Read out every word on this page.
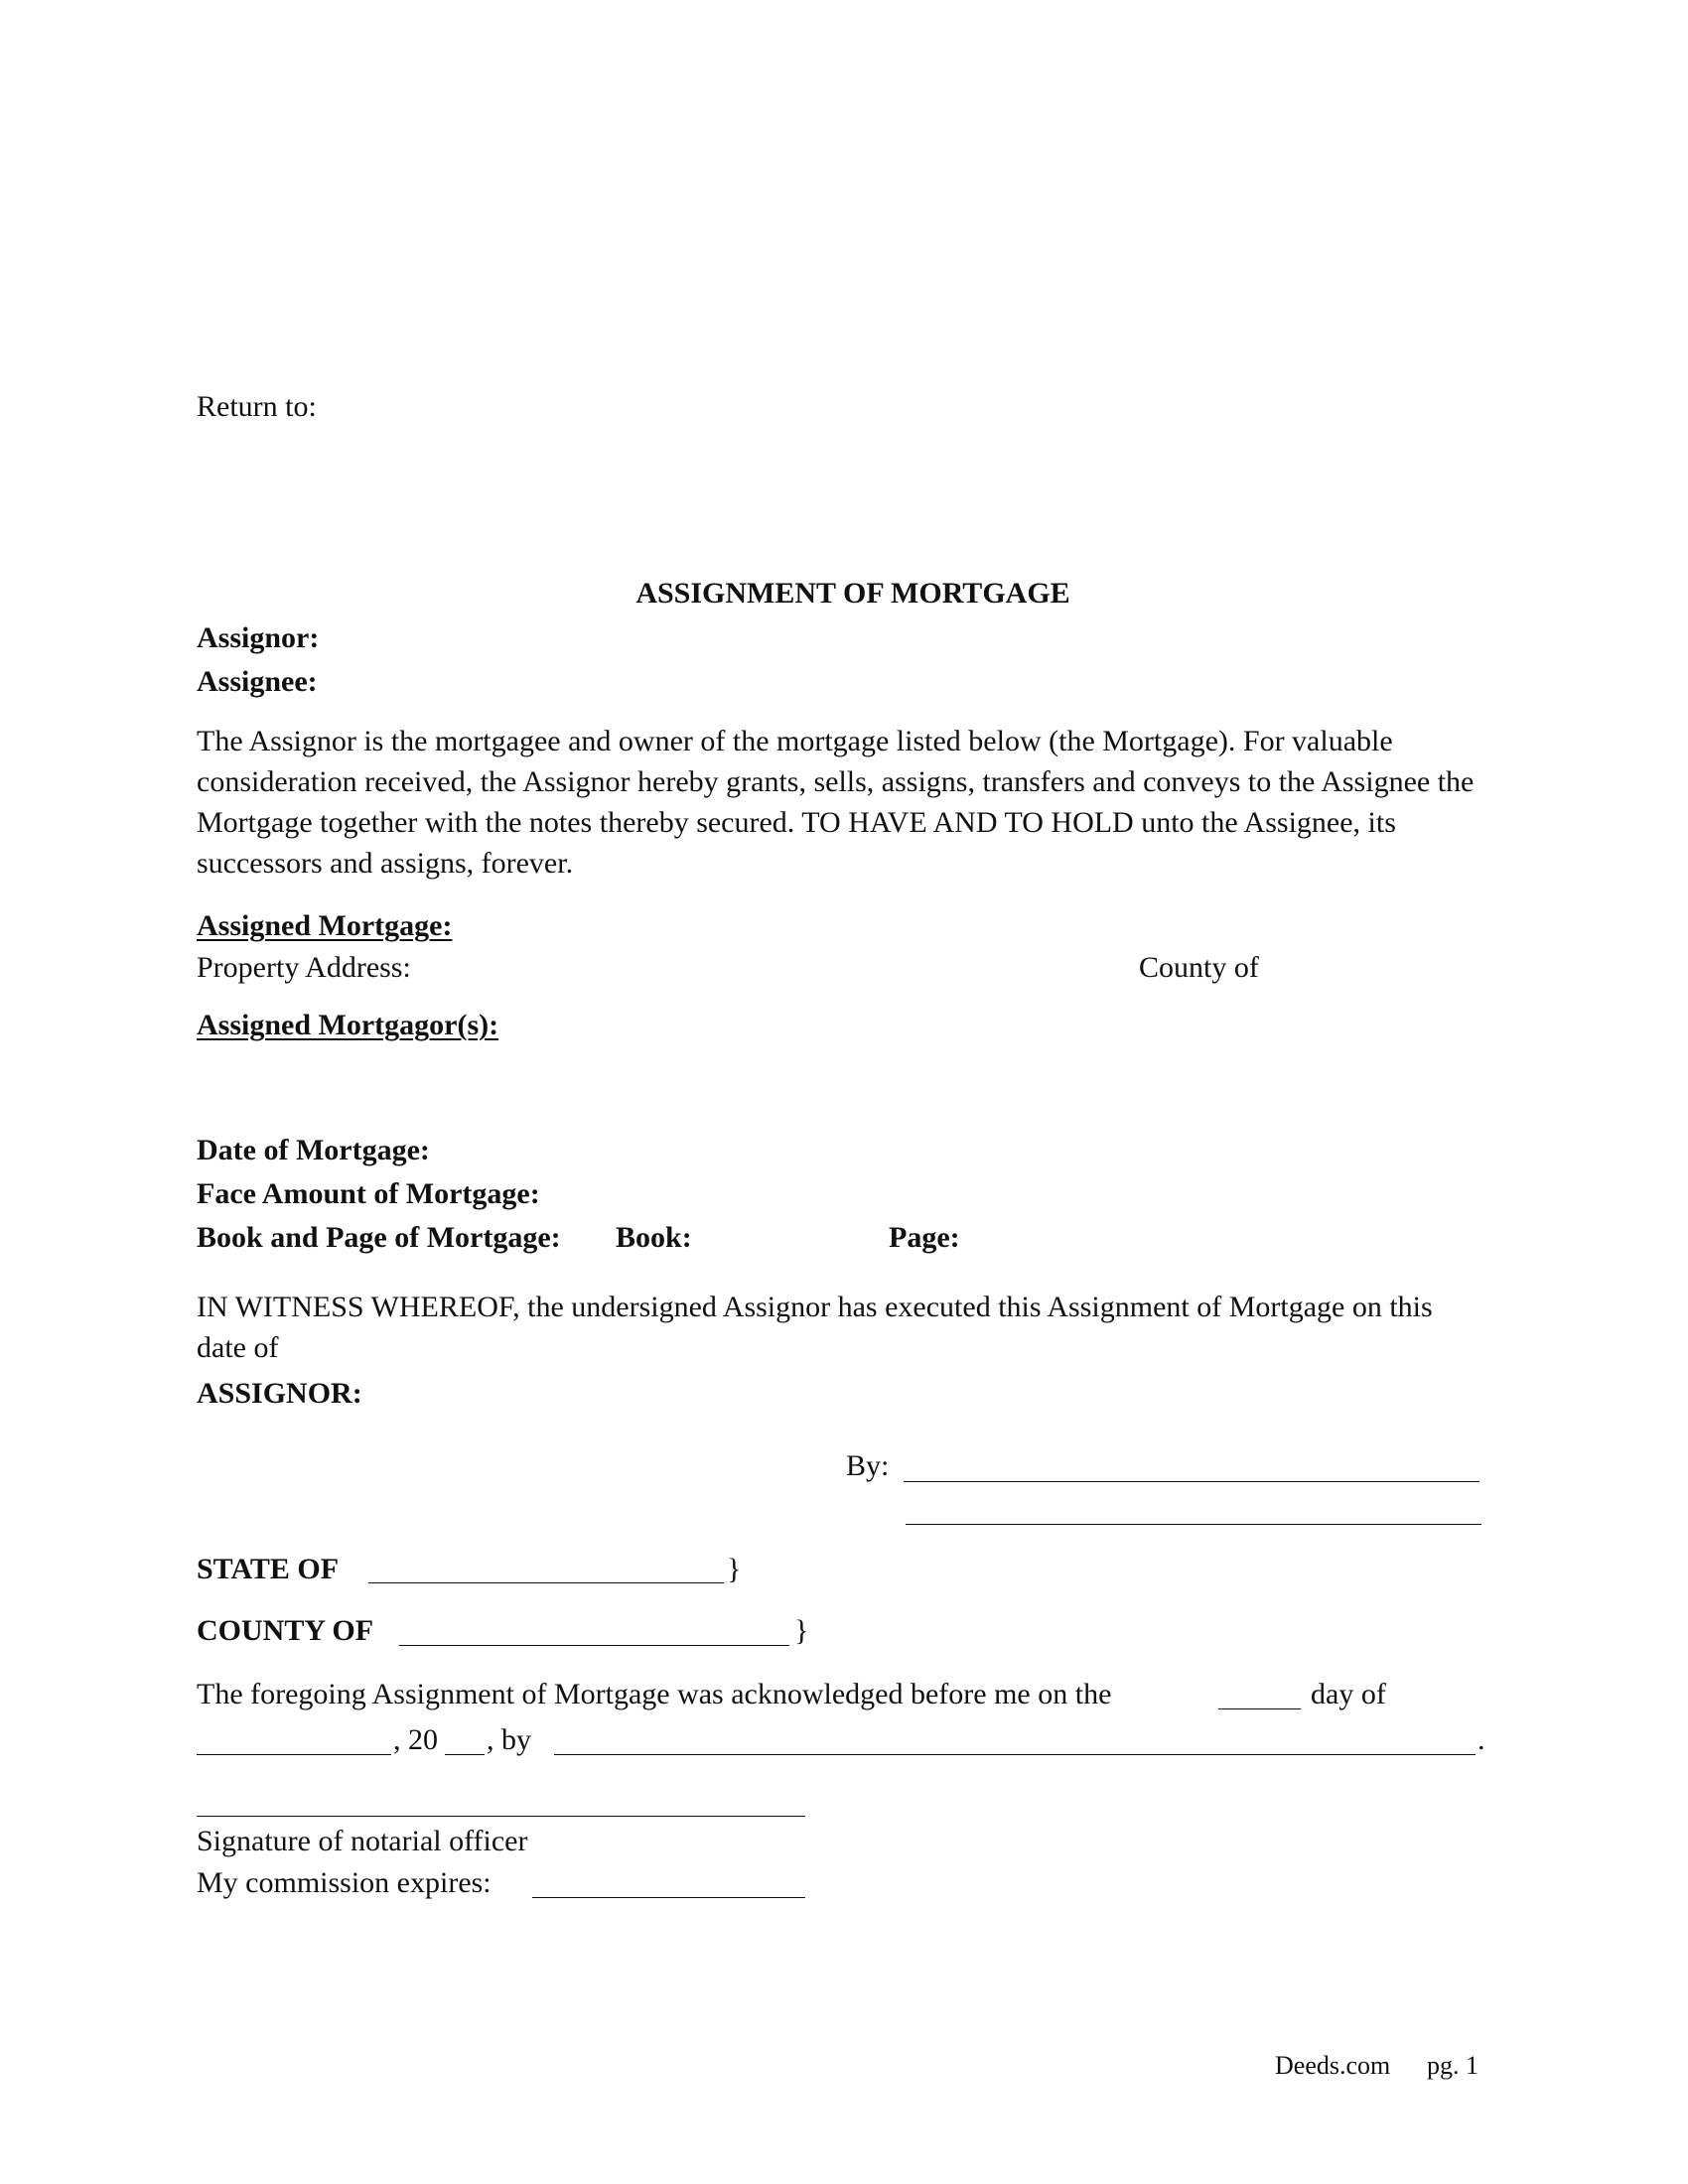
Return to:
ASSIGNMENT OF MORTGAGE
Assignor:
Assignee:
The Assignor is the mortgagee and owner of the mortgage listed below (the Mortgage). For valuable consideration received, the Assignor hereby grants, sells, assigns, transfers and conveys to the Assignee the Mortgage together with the notes thereby secured. TO HAVE AND TO HOLD unto the Assignee, its successors and assigns, forever.
Assigned Mortgage:
Property Address:	County of
Assigned Mortgagor(s):
Date of Mortgage:
Face Amount of Mortgage:
Book and Page of Mortgage: Book:	Page:
IN WITNESS WHEREOF, the undersigned Assignor has executed this Assignment of Mortgage on this date of
ASSIGNOR:
By:
STATE OF	}
COUNTY OF	}
The foregoing Assignment of Mortgage was acknowledged before me on the	day of
, 20 , by	.
Signature of notarial officer
My commission expires:
Deeds.com pg. 1
